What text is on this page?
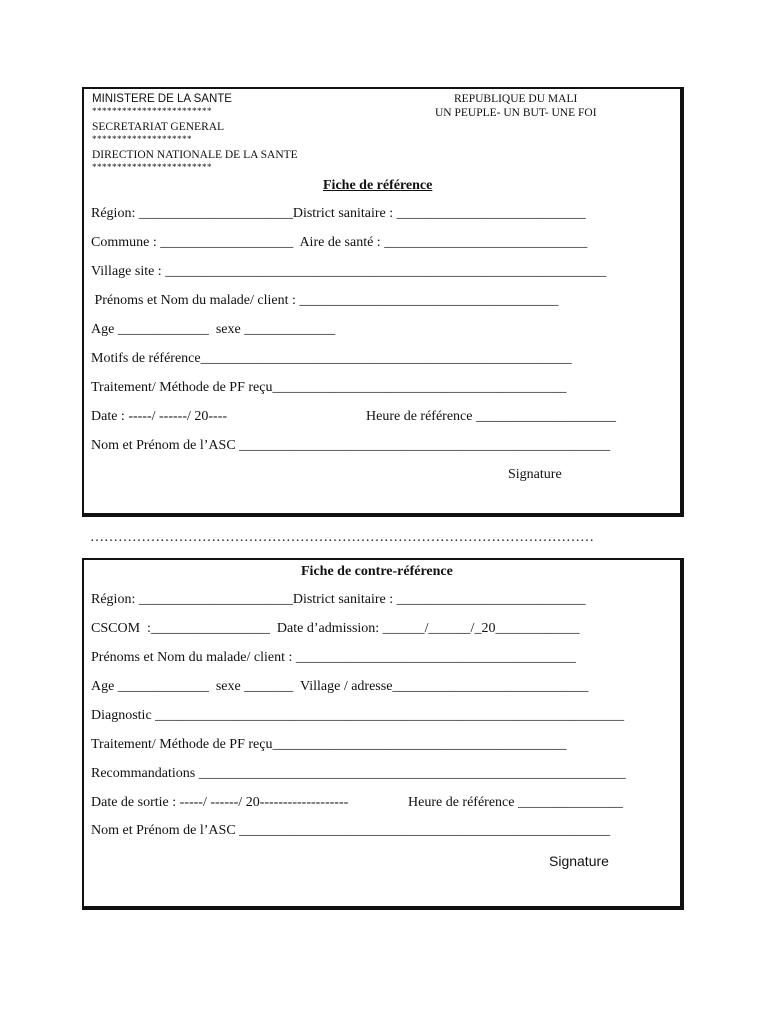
MINISTERE DE LA SANTE
************************
SECRETARIAT GENERAL
********************
DIRECTION NATIONALE DE LA SANTE
************************
REPUBLIQUE DU MALI
UN PEUPLE- UN BUT- UNE FOI
Fiche de référence
Région: ______________________District sanitaire : ___________________________
Commune : ___________________  Aire de santé : _____________________________
Village site : _______________________________________________________________
Prénoms et Nom du malade/ client : _____________________________________
Age _____________  sexe _____________
Motifs de référence_____________________________________________________
Traitement/ Méthode de PF reçu__________________________________________
Date : -----/ ------/ 20----	Heure de référence ____________________
Nom et Prénom de l’ASC _____________________________________________________
Signature
………………………………………………………………………………………………
Fiche de contre-référence
Région: ______________________District sanitaire : ___________________________
CSCOM  :_________________  Date d’admission: ______/______/_20____________
Prénoms et Nom du malade/ client : ________________________________________
Age _____________  sexe _______  Village / adresse____________________________
Diagnostic ___________________________________________________________________
Traitement/ Méthode de PF reçu__________________________________________
Recommandations _____________________________________________________________
Date de sortie : -----/ ------/ 20-------------------	Heure de référence _______________
Nom et Prénom de l’ASC _____________________________________________________
Signature
